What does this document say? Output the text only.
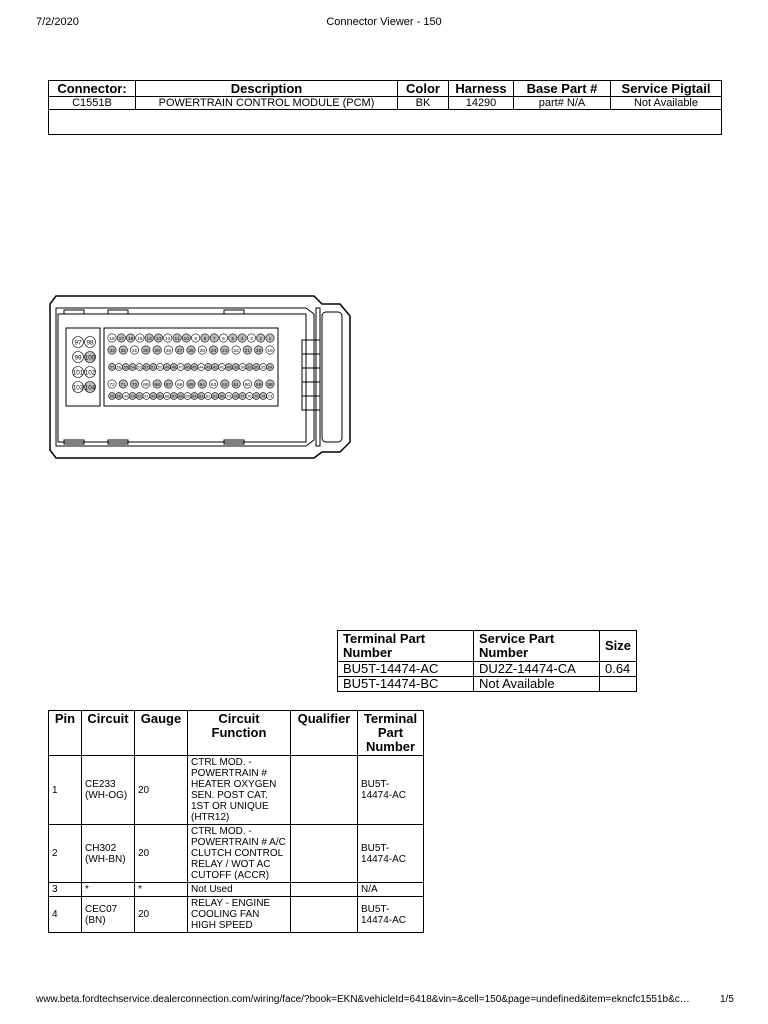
7/2/2020	Connector Viewer - 150
Connector:	Description	Color	Harness	Base Part #	Service Pigtail
C1551B	POWERTRAIN CONTROL MODULE (PCM)	BK	14290	part# N/A	Not Available

97 98
99 100
101 102
103 104
18 17 16 15 14 13 12 11 10 9 8 7 6 5 4 3 2 1
33 32 31 30 29 28 27 26 25 24 23 22 21 20 19
57 56 55 54 53 52 51 50 49 48 47 46 45 44 43 42 41 40 39 38 37 36 35 34
72 71 70 69 68 67 66 65 64 63 62 61 60 59 58
96 95 94 93 92 91 90 89 88 87 86 85 84 83 82 81 80 79 78 77 76 75 74 73
Terminal Part Number	Service Part Number	Size
BU5T-14474-AC	DU2Z-14474-CA	0.64
BU5T-14474-BC	Not Available	
Pin	Circuit	Gauge	Circuit Function	Qualifier	Terminal Part Number
1	CE233 (WH-OG)	20	CTRL MOD. - POWERTRAIN # HEATER OXYGEN SEN. POST CAT. 1ST OR UNIQUE (HTR12)		BU5T-14474-AC
2	CH302 (WH-BN)	20	CTRL MOD. - POWERTRAIN # A/C CLUTCH CONTROL RELAY / WOT AC CUTOFF (ACCR)		BU5T-14474-AC
3	*	*	Not Used		N/A
4	CEC07 (BN)	20	RELAY - ENGINE COOLING FAN HIGH SPEED		BU5T-14474-AC
www.beta.fordtechservice.dealerconnection.com/wiring/face/?book=EKN&vehicleId=6418&vin=&cell=150&page=undefined&item=ekncfc1551b&c…	1/5
